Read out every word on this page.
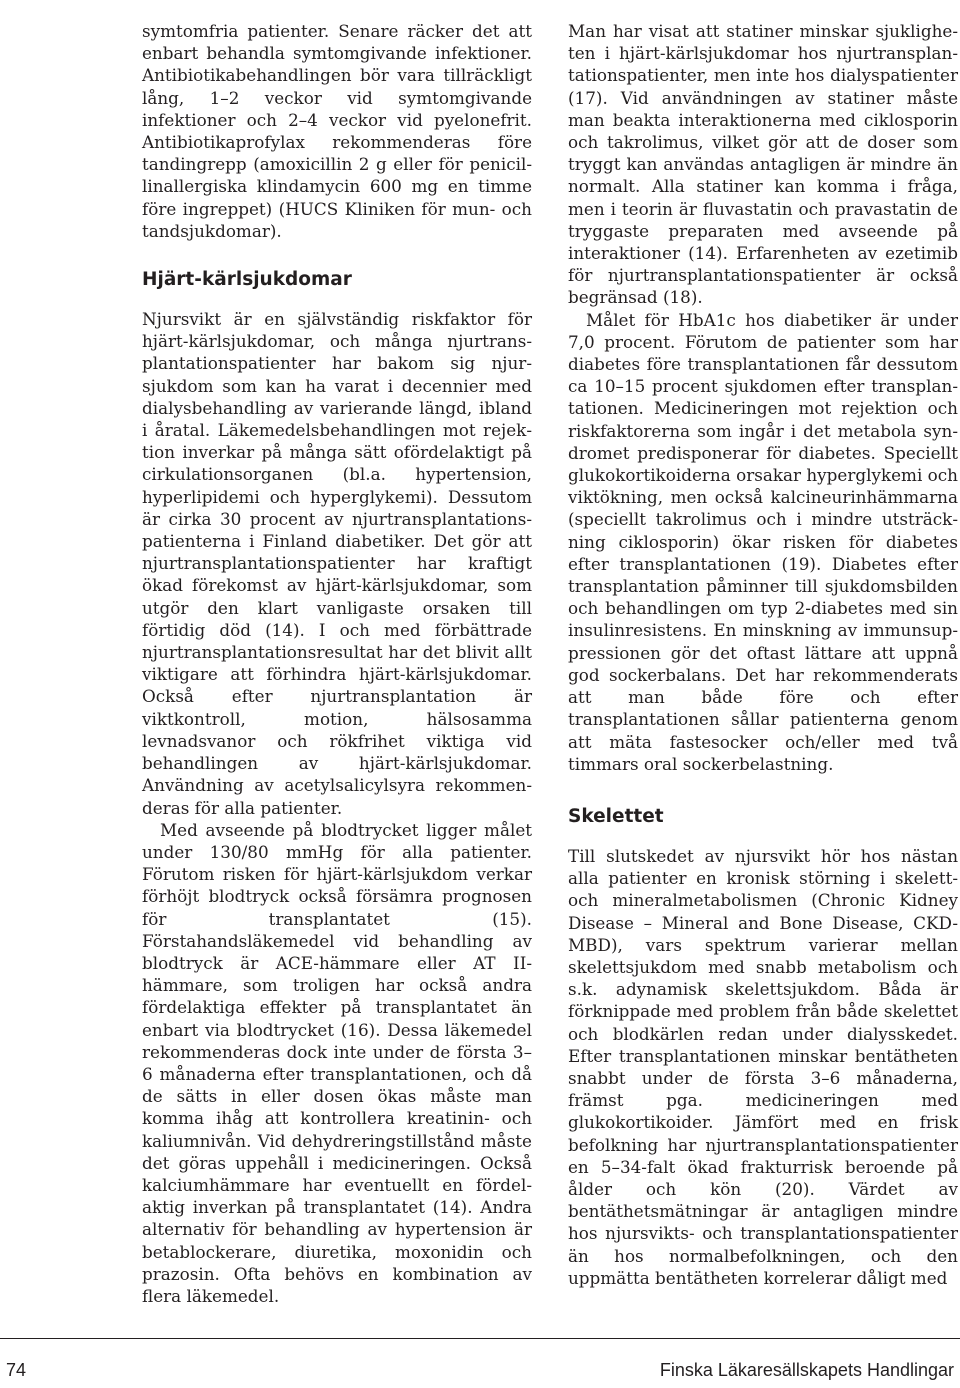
symtomfria patienter. Senare räcker det att enbart behandla symtomgivande infektioner. Antibiotikabehandlingen bör vara tillräckligt lång, 1–2 veckor vid symtomgivande infektioner och 2–4 veckor vid pyelonefrit. Antibiotikaprofylax rekommenderas före tandingrepp (amoxicillin 2 g eller för penicillinallergiska klindamycin 600 mg en timme före ingreppet) (HUCS Kliniken för mun- och tandsjukdomar).

Hjärt-kärlsjukdomar

Njursvikt är en självständig riskfaktor för hjärt-kärlsjukdomar, och många njurtransplantationspatienter har bakom sig njursjukdom som kan ha varat i decennier med dialysbehandling av varierande längd, ibland i åratal. Läkemedelsbehandlingen mot rejektion inverkar på många sätt ofördelaktigt på cirkulationsorganen (bl.a. hypertension, hyperlipidemi och hyperglykemi). Dessutom är cirka 30 procent av njurtransplantationspatienterna i Finland diabetiker. Det gör att njurtransplantationspatienter har kraftigt ökad förekomst av hjärt-kärlsjukdomar, som utgör den klart vanligaste orsaken till förtidig död (14). I och med förbättrade njurtransplantationsresultat har det blivit allt viktigare att förhindra hjärt-kärlsjukdomar. Också efter njurtransplantation är viktkontroll, motion, hälsosamma levnadsvanor och rökfrihet viktiga vid behandlingen av hjärt-kärlsjukdomar. Användning av acetylsalicylsyra rekommenderas för alla patienter.

Med avseende på blodtrycket ligger målet under 130/80 mmHg för alla patienter. Förutom risken för hjärt-kärlsjukdom verkar förhöjt blodtryck också försämra prognosen för transplantatet (15). Förstahandsläkemedel vid behandling av blodtryck är ACE-hämmare eller AT II-hämmare, som troligen har också andra fördelaktiga effekter på transplantatet än enbart via blodtrycket (16). Dessa läkemedel rekommenderas dock inte under de första 3–6 månaderna efter transplantationen, och då de sätts in eller dosen ökas måste man komma ihåg att kontrollera kreatinin- och kaliumnivån. Vid dehydreringstillstånd måste det göras uppehåll i medicineringen. Också kalciumhämmare har eventuellt en fördelaktig inverkan på transplantatet (14). Andra alternativ för behandling av hypertension är betablockerare, diuretika, moxonidin och prazosin. Ofta behövs en kombination av flera läkemedel.

Man har visat att statiner minskar sjukligheten i hjärt-kärlsjukdomar hos njurtransplantationspatienter, men inte hos dialyspatienter (17). Vid användningen av statiner måste man beakta interaktionerna med ciklosporin och takrolimus, vilket gör att de doser som tryggt kan användas antagligen är mindre än normalt. Alla statiner kan komma i fråga, men i teorin är fluvastatin och pravastatin de tryggaste preparaten med avseende på interaktioner (14). Erfarenheten av ezetimib för njurtransplantationspatienter är också begränsad (18).

Målet för HbA1c hos diabetiker är under 7,0 procent. Förutom de patienter som har diabetes före transplantationen får dessutom ca 10–15 procent sjukdomen efter transplantationen. Medicineringen mot rejektion och riskfaktorerna som ingår i det metabola syndromet predisponerar för diabetes. Speciellt glukokortikoiderna orsakar hyperglykemi och viktökning, men också kalcineurinhämmarna (speciellt takrolimus och i mindre utsträckning ciklosporin) ökar risken för diabetes efter transplantationen (19). Diabetes efter transplantation påminner till sjukdomsbilden och behandlingen om typ 2-diabetes med sin insulinresistens. En minskning av immunsuppressionen gör det oftast lättare att uppnå god sockerbalans. Det har rekommenderats att man både före och efter transplantationen sållar patienterna genom att mäta fastesocker och/eller med två timmars oral sockerbelastning.

Skelettet

Till slutskedet av njursvikt hör hos nästan alla patienter en kronisk störning i skelett- och mineralmetabolismen (Chronic Kidney Disease – Mineral and Bone Disease, CKD-MBD), vars spektrum varierar mellan skelettsjukdom med snabb metabolism och s.k. adynamisk skelettsjukdom. Båda är förknippade med problem från både skelettet och blodkärlen redan under dialysskedet. Efter transplantationen minskar bentätheten snabbt under de första 3–6 månaderna, främst pga. medicineringen med glukokortikoider. Jämfört med en frisk befolkning har njurtransplantationspatienter en 5–34-falt ökad frakturrisk beroende på ålder och kön (20). Värdet av bentäthetsmätningar är antagligen mindre hos njursvikts- och transplantationspatienter än hos normalbefolkningen, och den uppmätta bentätheten korrelerar dåligt med

74	Finska Läkaresällskapets Handlingar
